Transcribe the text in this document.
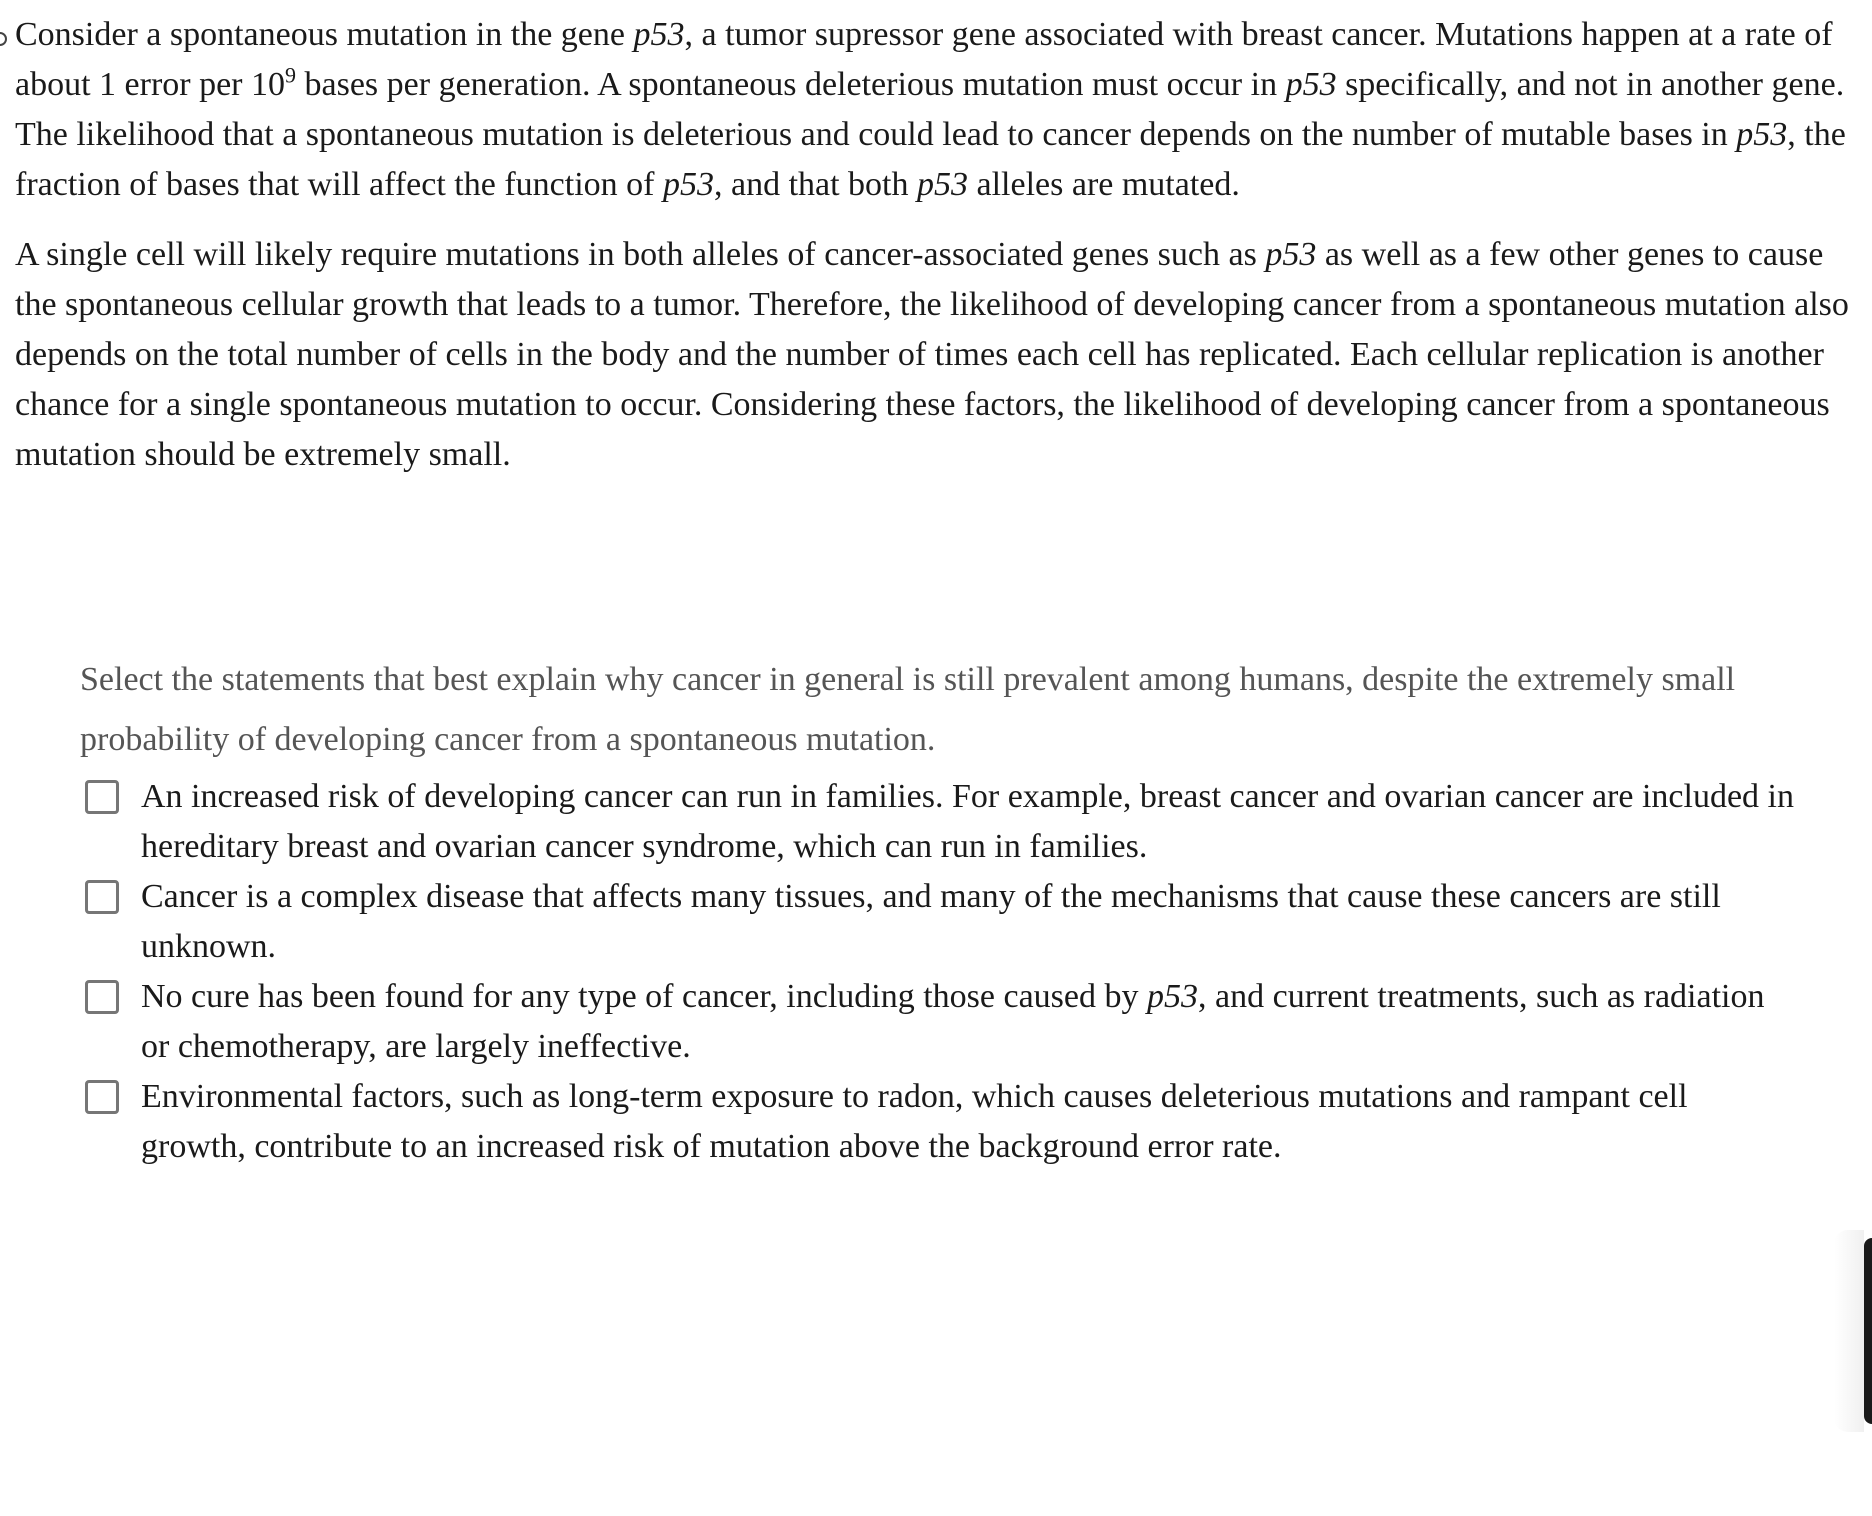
Consider a spontaneous mutation in the gene p53, a tumor supressor gene associated with breast cancer. Mutations happen at a rate of about 1 error per $10^9$ bases per generation. A spontaneous deleterious mutation must occur in p53 specifically, and not in another gene. The likelihood that a spontaneous mutation is deleterious and could lead to cancer depends on the number of mutable bases in p53, the fraction of bases that will affect the function of p53, and that both p53 alleles are mutated.

A single cell will likely require mutations in both alleles of cancer-associated genes such as p53 as well as a few other genes to cause the spontaneous cellular growth that leads to a tumor. Therefore, the likelihood of developing cancer from a spontaneous mutation also depends on the total number of cells in the body and the number of times each cell has replicated. Each cellular replication is another chance for a single spontaneous mutation to occur. Considering these factors, the likelihood of developing cancer from a spontaneous mutation should be extremely small.

Select the statements that best explain why cancer in general is still prevalent among humans, despite the extremely small probability of developing cancer from a spontaneous mutation.

An increased risk of developing cancer can run in families. For example, breast cancer and ovarian cancer are included in hereditary breast and ovarian cancer syndrome, which can run in families.
Cancer is a complex disease that affects many tissues, and many of the mechanisms that cause these cancers are still unknown.
No cure has been found for any type of cancer, including those caused by p53, and current treatments, such as radiation or chemotherapy, are largely ineffective.
Environmental factors, such as long-term exposure to radon, which causes deleterious mutations and rampant cell growth, contribute to an increased risk of mutation above the background error rate.
